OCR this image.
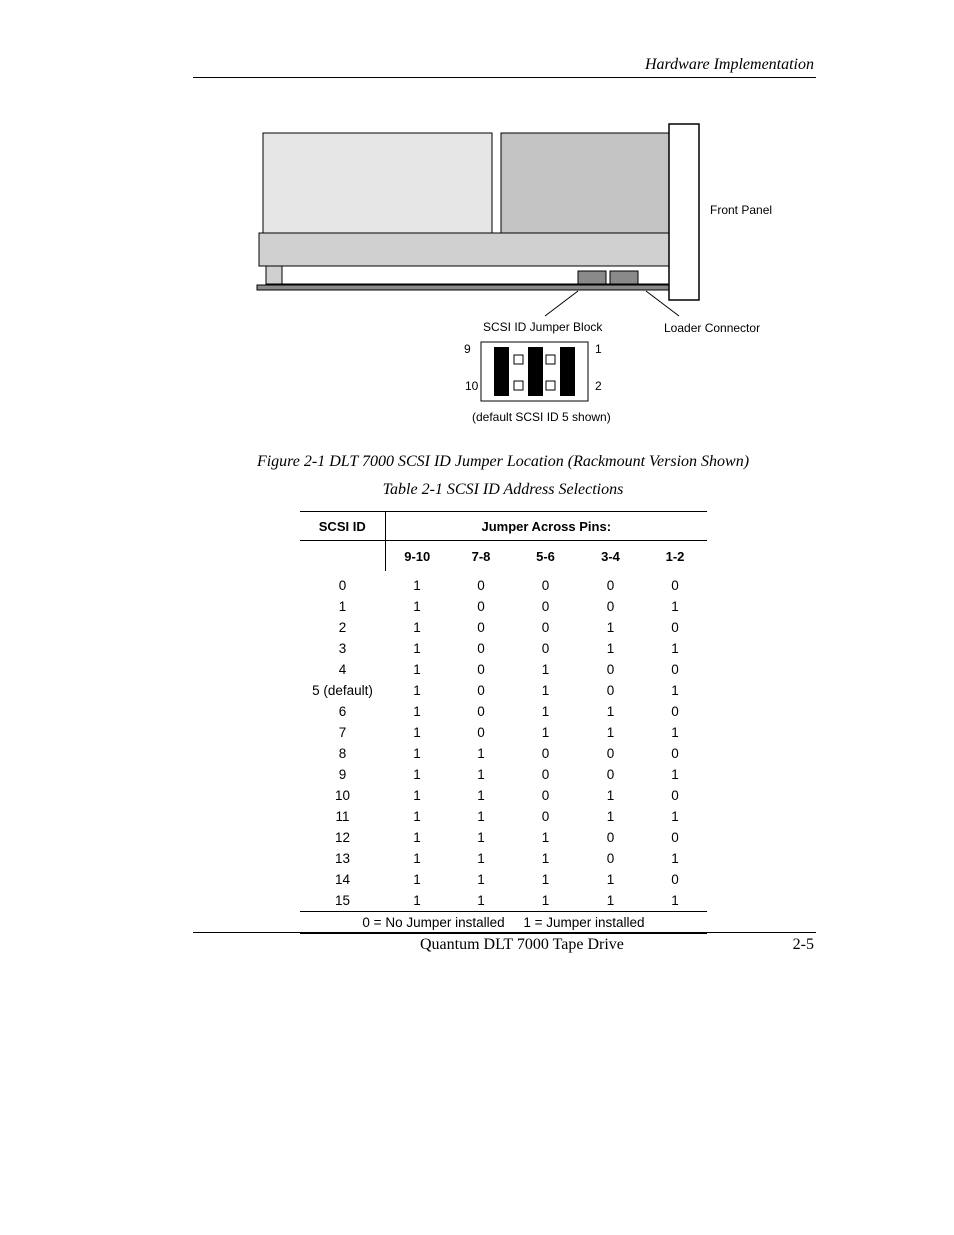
Hardware Implementation
Front Panel
SCSI ID Jumper Block	Loader Connector
9
10
1
2
(default SCSI ID 5 shown)
Figure 2-1 DLT 7000 SCSI ID Jumper Location (Rackmount Version Shown)
Table 2-1 SCSI ID Address Selections
SCSI ID	Jumper Across Pins:				

	9-10	7-8	5-6	3-4	1-2

0	1	0	0	0	0
1	1	0	0	0	1
2	1	0	0	1	0
3	1	0	0	1	1
4	1	0	1	0	0
5 (default)	1	0	1	0	1
6	1	0	1	1	0
7	1	0	1	1	1
8	1	1	0	0	0
9	1	1	0	0	1
10	1	1	0	1	0
11	1	1	0	1	1
12	1	1	1	0	0
13	1	1	1	0	1
14	1	1	1	1	0
15	1	1	1	1	1
0 = No Jumper installed     1 = Jumper installed					
Quantum DLT 7000 Tape Drive	2-5
